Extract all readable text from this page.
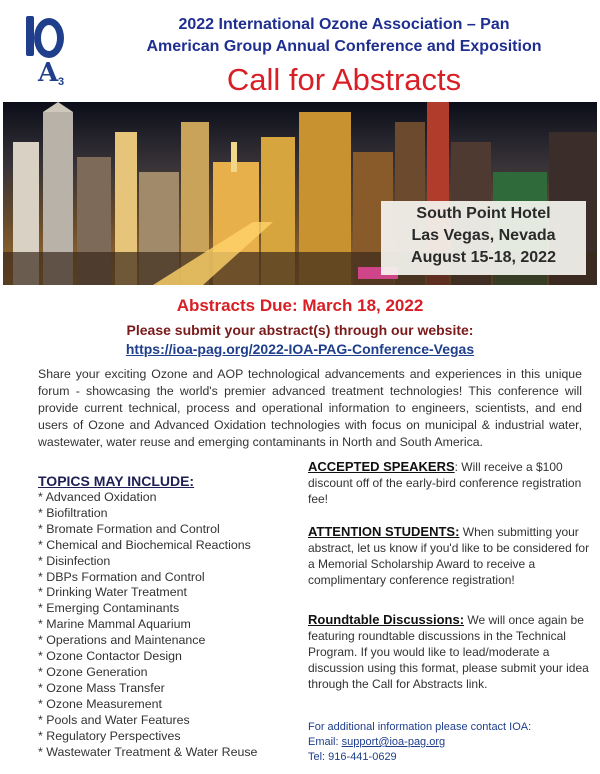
A 3
2022 International Ozone Association – Pan
American Group Annual Conference and Exposition
Call for Abstracts
South Point Hotel
Las Vegas, Nevada
August 15-18, 2022
Abstracts Due: March 18, 2022
Please submit your abstract(s) through our website:
https://ioa-pag.org/2022-IOA-PAG-Conference-Vegas
Share your exciting Ozone and AOP technological advancements and experiences in this unique forum - showcasing the world's premier advanced treatment technologies! This conference will provide current technical, process and operational information to engineers, scientists, and end users of Ozone and Advanced Oxidation technologies with focus on municipal & industrial water, wastewater, water reuse and emerging contaminants in North and South America.
TOPICS MAY INCLUDE:
* Advanced Oxidation
* Biofiltration
* Bromate Formation and Control
* Chemical and Biochemical Reactions
* Disinfection
* DBPs Formation and Control
* Drinking Water Treatment
* Emerging Contaminants
* Marine Mammal Aquarium
* Operations and Maintenance
* Ozone Contactor Design
* Ozone Generation
* Ozone Mass Transfer
* Ozone Measurement
* Pools and Water Features
* Regulatory Perspectives
* Wastewater Treatment & Water Reuse
ACCEPTED SPEAKERS: Will receive a $100 discount off of the early-bird conference registration fee!
ATTENTION STUDENTS: When submitting your abstract, let us know if you'd like to be considered for a Memorial Scholarship Award to receive a complimentary conference registration!
Roundtable Discussions: We will once again be featuring roundtable discussions in the Technical Program. If you would like to lead/moderate a discussion using this format, please submit your idea through the Call for Abstracts link.
For additional information please contact IOA:
Email: support@ioa-pag.org
Tel: 916-441-0629
